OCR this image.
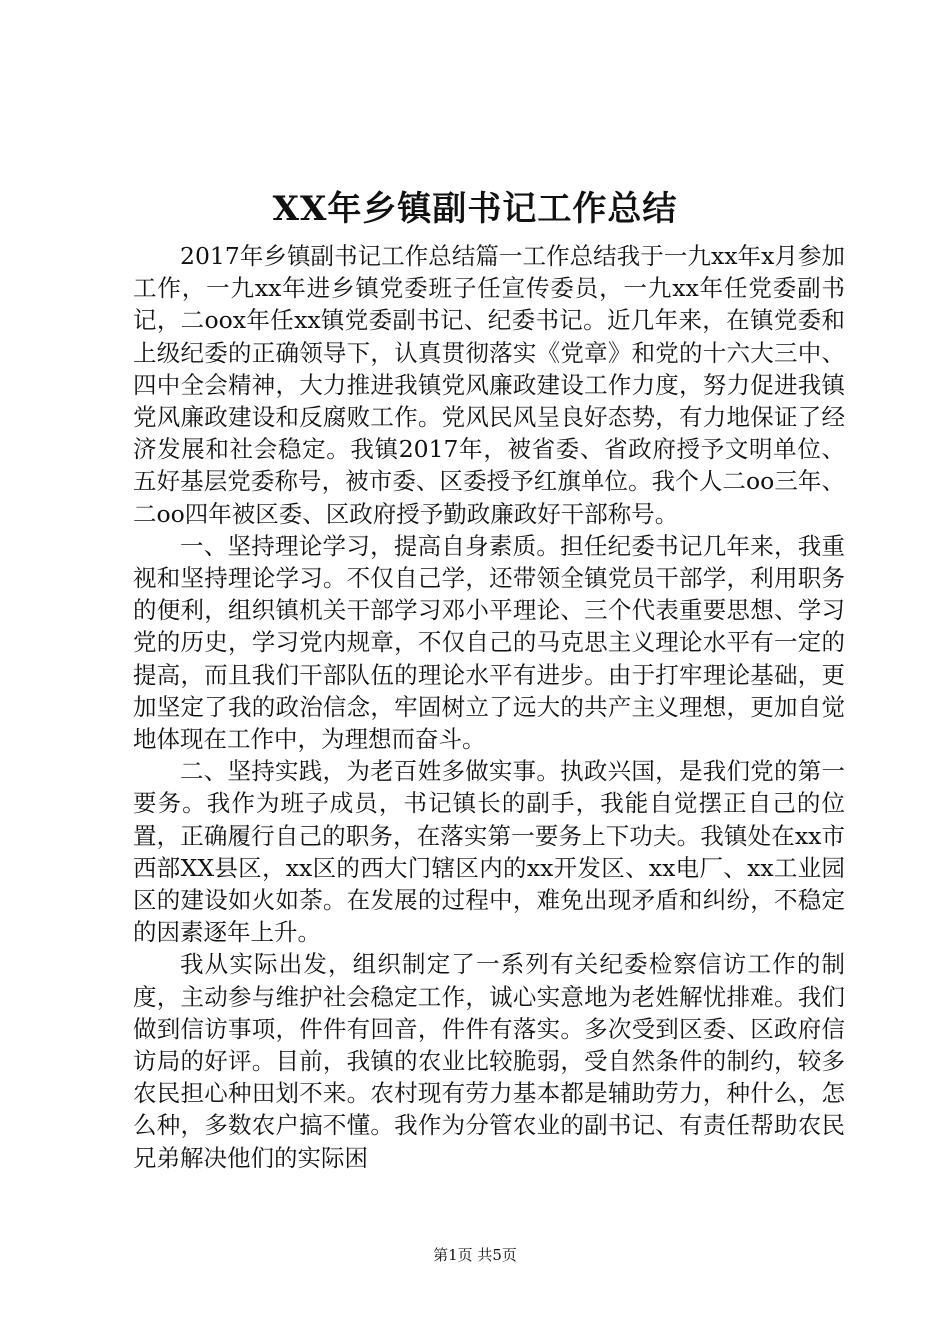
XX年乡镇副书记工作总结

2017年乡镇副书记工作总结篇一工作总结我于一九xx年x月参加工作，一九xx年进乡镇党委班子任宣传委员，一九xx年任党委副书记，二oox年任xx镇党委副书记、纪委书记。近几年来，在镇党委和上级纪委的正确领导下，认真贯彻落实《党章》和党的十六大三中、四中全会精神，大力推进我镇党风廉政建设工作力度，努力促进我镇党风廉政建设和反腐败工作。党风民风呈良好态势，有力地保证了经济发展和社会稳定。我镇2017年，被省委、省政府授予文明单位、五好基层党委称号，被市委、区委授予红旗单位。我个人二oo三年、二oo四年被区委、区政府授予勤政廉政好干部称号。

一、坚持理论学习，提高自身素质。担任纪委书记几年来，我重视和坚持理论学习。不仅自己学，还带领全镇党员干部学，利用职务的便利，组织镇机关干部学习邓小平理论、三个代表重要思想、学习党的历史，学习党内规章，不仅自己的马克思主义理论水平有一定的提高，而且我们干部队伍的理论水平有进步。由于打牢理论基础，更加坚定了我的政治信念，牢固树立了远大的共产主义理想，更加自觉地体现在工作中，为理想而奋斗。

二、坚持实践，为老百姓多做实事。执政兴国，是我们党的第一要务。我作为班子成员，书记镇长的副手，我能自觉摆正自己的位置，正确履行自己的职务，在落实第一要务上下功夫。我镇处在xx市西部XX县区，xx区的西大门辖区内的xx开发区、xx电厂、xx工业园区的建设如火如荼。在发展的过程中，难免出现矛盾和纠纷，不稳定的因素逐年上升。

我从实际出发，组织制定了一系列有关纪委检察信访工作的制度，主动参与维护社会稳定工作，诚心实意地为老姓解忧排难。我们做到信访事项，件件有回音，件件有落实。多次受到区委、区政府信访局的好评。目前，我镇的农业比较脆弱，受自然条件的制约，较多农民担心种田划不来。农村现有劳力基本都是辅助劳力，种什么，怎么种，多数农户搞不懂。我作为分管农业的副书记、有责任帮助农民兄弟解决他们的实际困

第1页 共5页
